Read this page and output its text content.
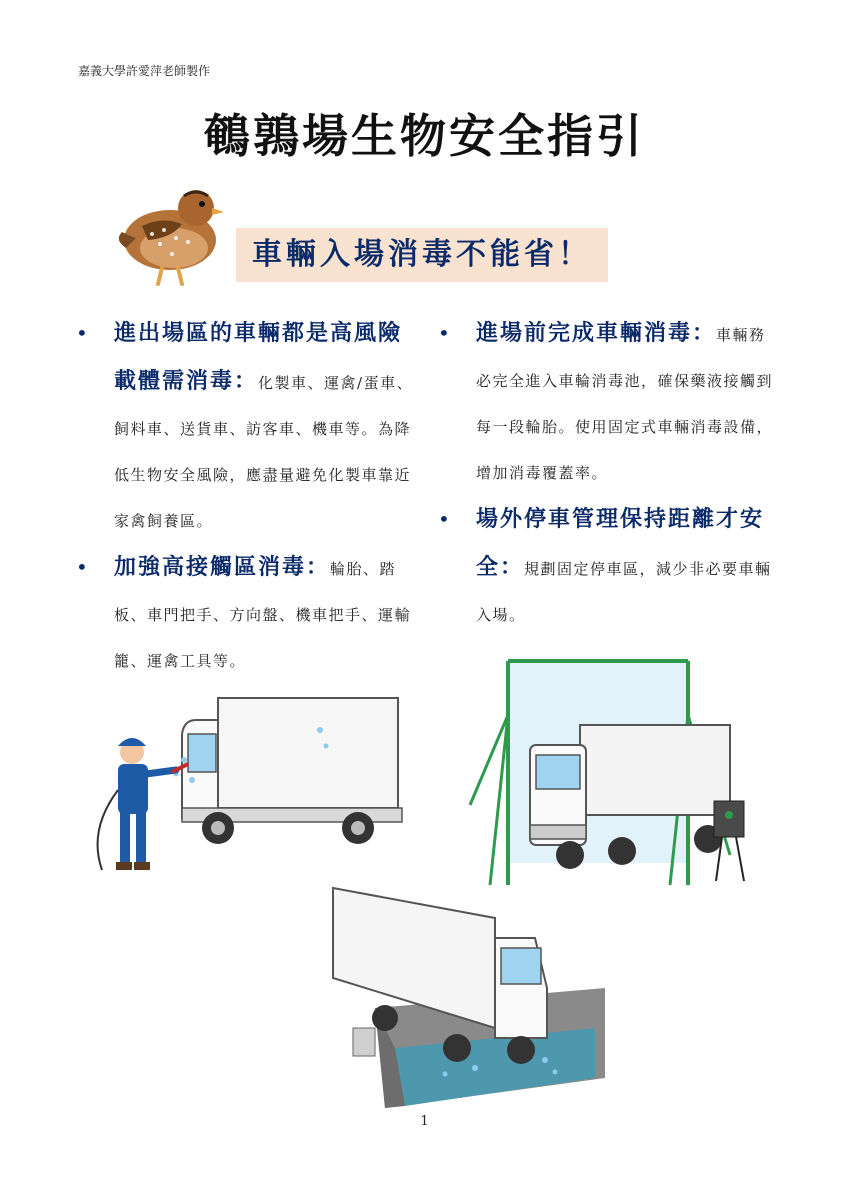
嘉義大學許愛萍老師製作
鵪鶉場生物安全指引
車輛入場消毒不能省！
• 進出場區的車輛都是高風險載體需消毒：化製車、運禽/蛋車、飼料車、送貨車、訪客車、機車等。為降低生物安全風險，應盡量避免化製車靠近家禽飼養區。
• 加強高接觸區消毒：輪胎、踏板、車門把手、方向盤、機車把手、運輸籠、運禽工具等。
• 進場前完成車輛消毒：車輛務必完全進入車輪消毒池，確保藥液接觸到每一段輪胎。使用固定式車輛消毒設備，增加消毒覆蓋率。
• 場外停車管理保持距離才安全：規劃固定停車區，減少非必要車輛入場。
1
